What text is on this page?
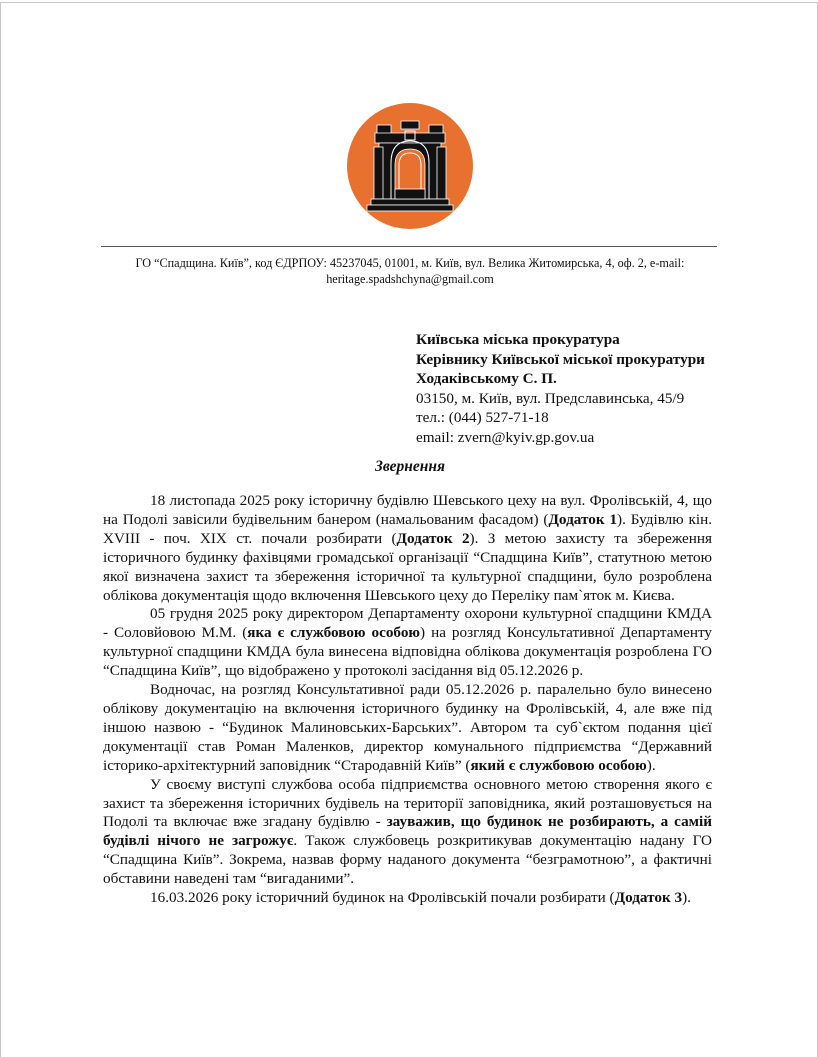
ГО “Спадщина. Київ”, код ЄДРПОУ: 45237045, 01001, м. Київ, вул. Велика Житомирська, 4, оф. 2, e-mail: heritage.spadshchyna@gmail.com
Київська міська прокуратура
Керівнику Київської міської прокуратури
Ходаківському С. П.
03150, м. Київ, вул. Предславинська, 45/9
тел.: (044) 527-71-18
email: zvern@kyiv.gp.gov.ua
Звернення

18 листопада 2025 року історичну будівлю Шевського цеху на вул. Фролівській, 4, що на Подолі завісили будівельним банером (намальованим фасадом) (Додаток 1). Будівлю кін. XVIII - поч. XIX ст. почали розбирати (Додаток 2). З метою захисту та збереження історичного будинку фахівцями громадської організації “Спадщина Київ”, статутною метою якої визначена захист та збереження історичної та культурної спадщини, було розроблена облікова документація щодо включення Шевського цеху до Переліку пам`яток м. Києва.

05 грудня 2025 року директором Департаменту охорони культурної спадщини КМДА - Соловйовою М.М. (яка є службовою особою) на розгляд Консультативної Департаменту культурної спадщини КМДА була винесена відповідна облікова документація розроблена ГО “Спадщина Київ”, що відображено у протоколі засідання від 05.12.2026 р.

Водночас, на розгляд Консультативної ради 05.12.2026 р. паралельно було винесено облікову документацію на включення історичного будинку на Фролівській, 4, але вже під іншою назвою - “Будинок Малиновських-Барських”. Автором та суб`єктом подання цієї документації став Роман Маленков, директор комунального підприємства “Державний історико-архітектурний заповідник “Стародавній Київ” (який є службовою особою).

У своєму виступі службова особа підприємства основного метою створення якого є захист та збереження історичних будівель на території заповідника, який розташовується на Подолі та включає вже згадану будівлю - зауважив, що будинок не розбирають, а самій будівлі нічого не загрожує. Також службовець розкритикував документацію надану ГО “Спадщина Київ”. Зокрема, назвав форму наданого документа “безграмотною”, а фактичні обставини наведені там “вигаданими”.

16.03.2026 року історичний будинок на Фролівській почали розбирати (Додаток 3).
